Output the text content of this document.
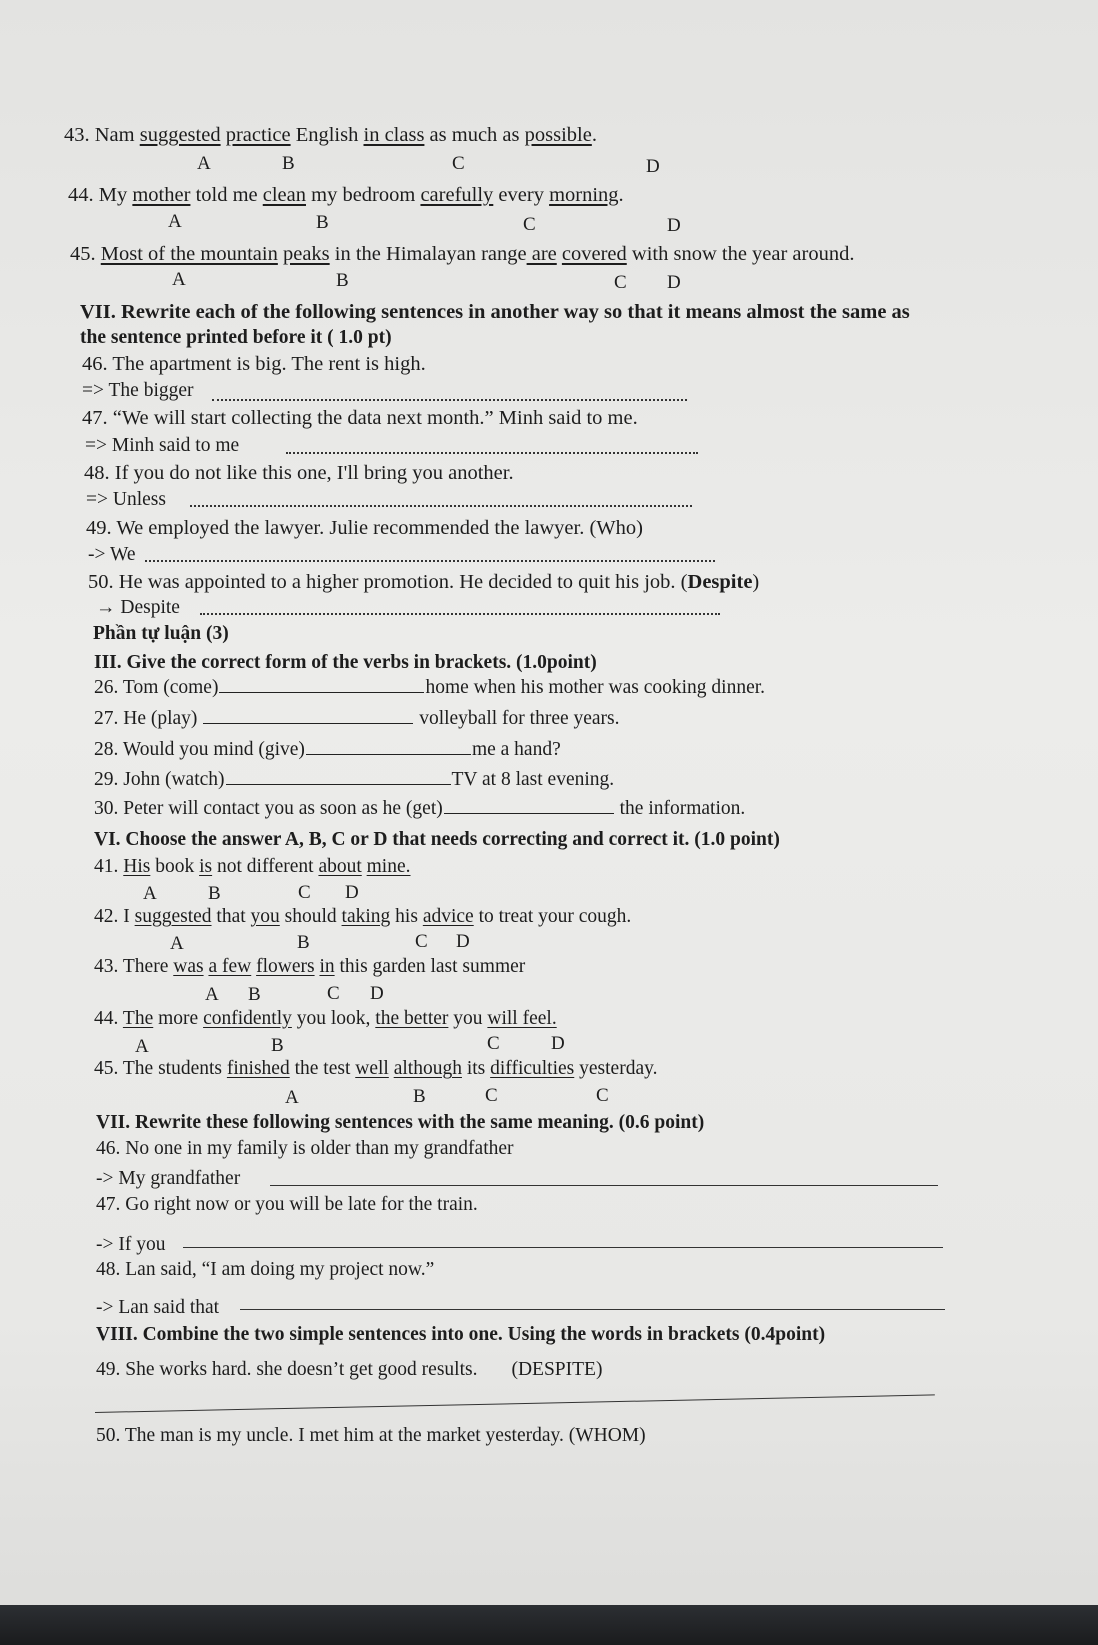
43. Nam suggested practice English in class as much as possible.
A	B	C	D
44. My mother told me clean my bedroom carefully every morning.
A	B	C	D
45. Most of the mountain peaks in the Himalayan range are covered with snow the year around.
A	B	C D
VII. Rewrite each of the following sentences in another way so that it means almost the same as
the sentence printed before it ( 1.0 pt)
46. The apartment is big. The rent is high.
=> The bigger
47. “We will start collecting the data next month.” Minh said to me.
=> Minh said to me
48. If you do not like this one, I'll bring you another.
=> Unless
49. We employed the lawyer. Julie recommended the lawyer. (Who)
-> We
50. He was appointed to a higher promotion. He decided to quit his job. (Despite)
→ Despite
Phần tự luận (3)
III. Give the correct form of the verbs in brackets. (1.0point)
26. Tom (come)	home when his mother was cooking dinner.
27. He (play)	volleyball for three years.
28. Would you mind (give)	me a hand?
29. John (watch)	TV at 8 last evening.
30. Peter will contact you as soon as he (get)	the information.
VI. Choose the answer A, B, C or D that needs correcting and correct it. (1.0 point)
41. His book is not different about mine.
A	B	C D
42. I suggested that you should taking his advice to treat your cough.
A	B	C D
43. There was a few flowers in this garden last summer
A B	C D
44. The more confidently you look, the better you will feel.
A	B	C	D
45. The students finished the test well although its difficulties yesterday.
A	B	C	C
VII. Rewrite these following sentences with the same meaning. (0.6 point)
46. No one in my family is older than my grandfather
-> My grandfather
47. Go right now or you will be late for the train.
-> If you
48. Lan said, “I am doing my project now.”
-> Lan said that
VIII. Combine the two simple sentences into one. Using the words in brackets (0.4point)
49. She works hard. she doesn’t get good results. (DESPITE)
50. The man is my uncle. I met him at the market yesterday. (WHOM)
